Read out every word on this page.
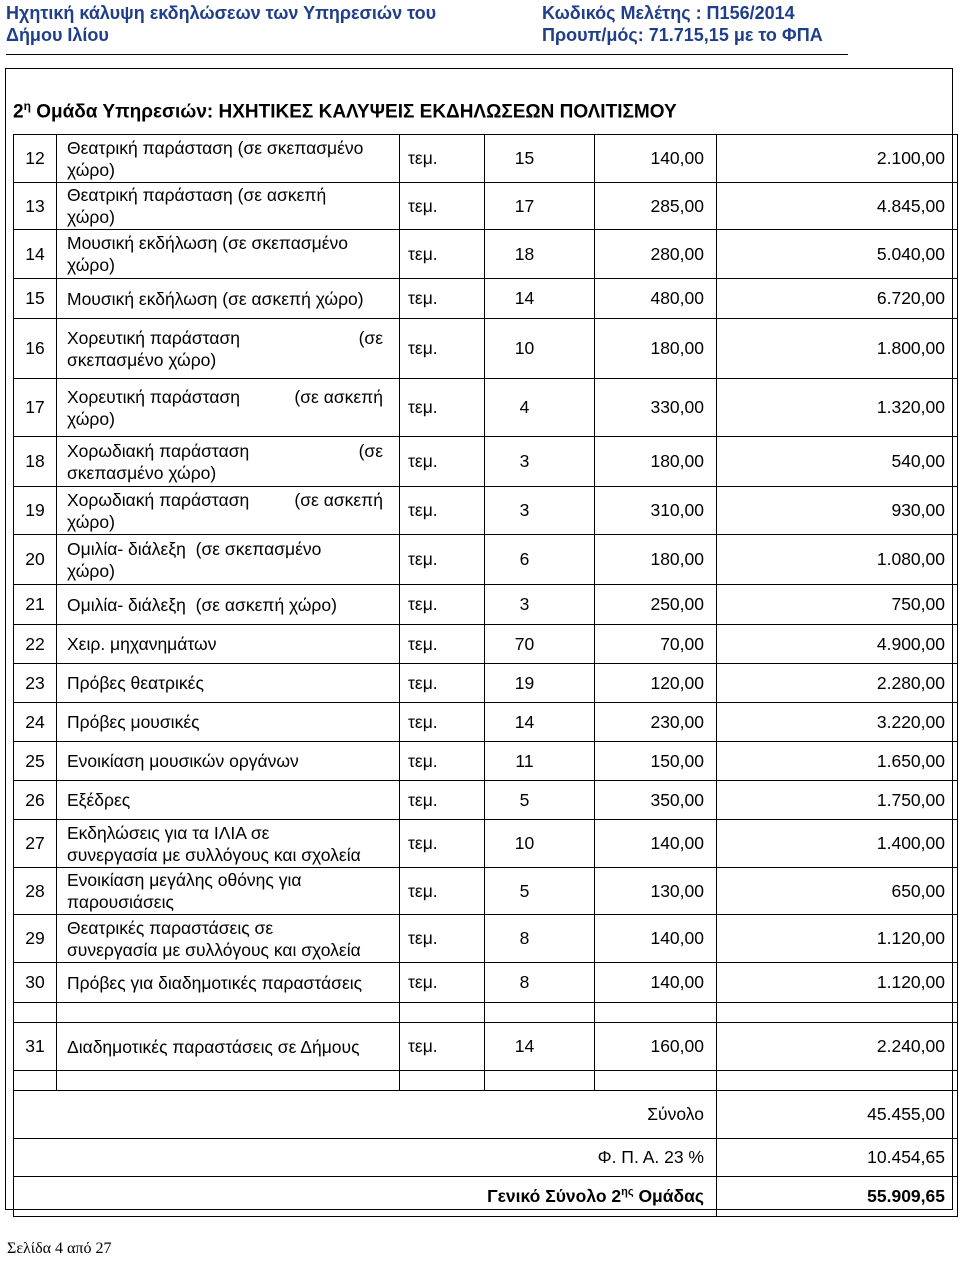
Ηχητική κάλυψη εκδηλώσεων των Υπηρεσιών του
Δήμου Ιλίου
Κωδικός Μελέτης : Π156/2014
Προυπ/μός: 71.715,15 με το ΦΠΑ
$2^\eta$ Ομάδα Υπηρεσιών: ΗΧΗΤΙΚΕΣ ΚΑΛΥΨΕΙΣ ΕΚΔΗΛΩΣΕΩΝ ΠΟΛΙΤΙΣΜΟΥ
12	Θεατρική παράσταση (σε σκεπασμένο
χώρο)	τεμ.	15	140,00	2.100,00
13	Θεατρική παράσταση (σε ασκεπή
χώρο)	τεμ.	17	285,00	4.845,00
14	Μουσική εκδήλωση (σε σκεπασμένο
χώρο)	τεμ.	18	280,00	5.040,00
15	Μουσική εκδήλωση (σε ασκεπή χώρο)	τεμ.	14	480,00	6.720,00
16	Χορευτική παράσταση (σε
σκεπασμένο χώρο)	τεμ.	10	180,00	1.800,00
17	Χορευτική παράσταση (σε ασκεπή
χώρο)	τεμ.	4	330,00	1.320,00
18	Χορωδιακή παράσταση (σε
σκεπασμένο χώρο)	τεμ.	3	180,00	540,00
19	Χορωδιακή παράσταση (σε ασκεπή
χώρο)	τεμ.	3	310,00	930,00
20	Ομιλία- διάλεξη  (σε σκεπασμένο
χώρο)	τεμ.	6	180,00	1.080,00
21	Ομιλία- διάλεξη  (σε ασκεπή χώρο)	τεμ.	3	250,00	750,00
22	Χειρ. μηχανημάτων	τεμ.	70	70,00	4.900,00
23	Πρόβες θεατρικές	τεμ.	19	120,00	2.280,00
24	Πρόβες μουσικές	τεμ.	14	230,00	3.220,00
25	Ενοικίαση μουσικών οργάνων	τεμ.	11	150,00	1.650,00
26	Εξέδρες	τεμ.	5	350,00	1.750,00
27	Εκδηλώσεις για τα ΙΛΙΑ σε
συνεργασία με συλλόγους και σχολεία	τεμ.	10	140,00	1.400,00
28	Ενοικίαση μεγάλης οθόνης για
παρουσιάσεις	τεμ.	5	130,00	650,00
29	Θεατρικές παραστάσεις σε
συνεργασία με συλλόγους και σχολεία	τεμ.	8	140,00	1.120,00
30	Πρόβες για διαδημοτικές παραστάσεις	τεμ.	8	140,00	1.120,00

31	Διαδημοτικές παραστάσεις σε Δήμους	τεμ.	14	160,00	2.240,00

Σύνολο					45.455,00
Φ. Π. Α. 23 %					10.454,65
Γενικό Σύνολο $2^{\eta\varsigma}$ Ομάδας					55.909,65
Σελίδα 4 από 27
